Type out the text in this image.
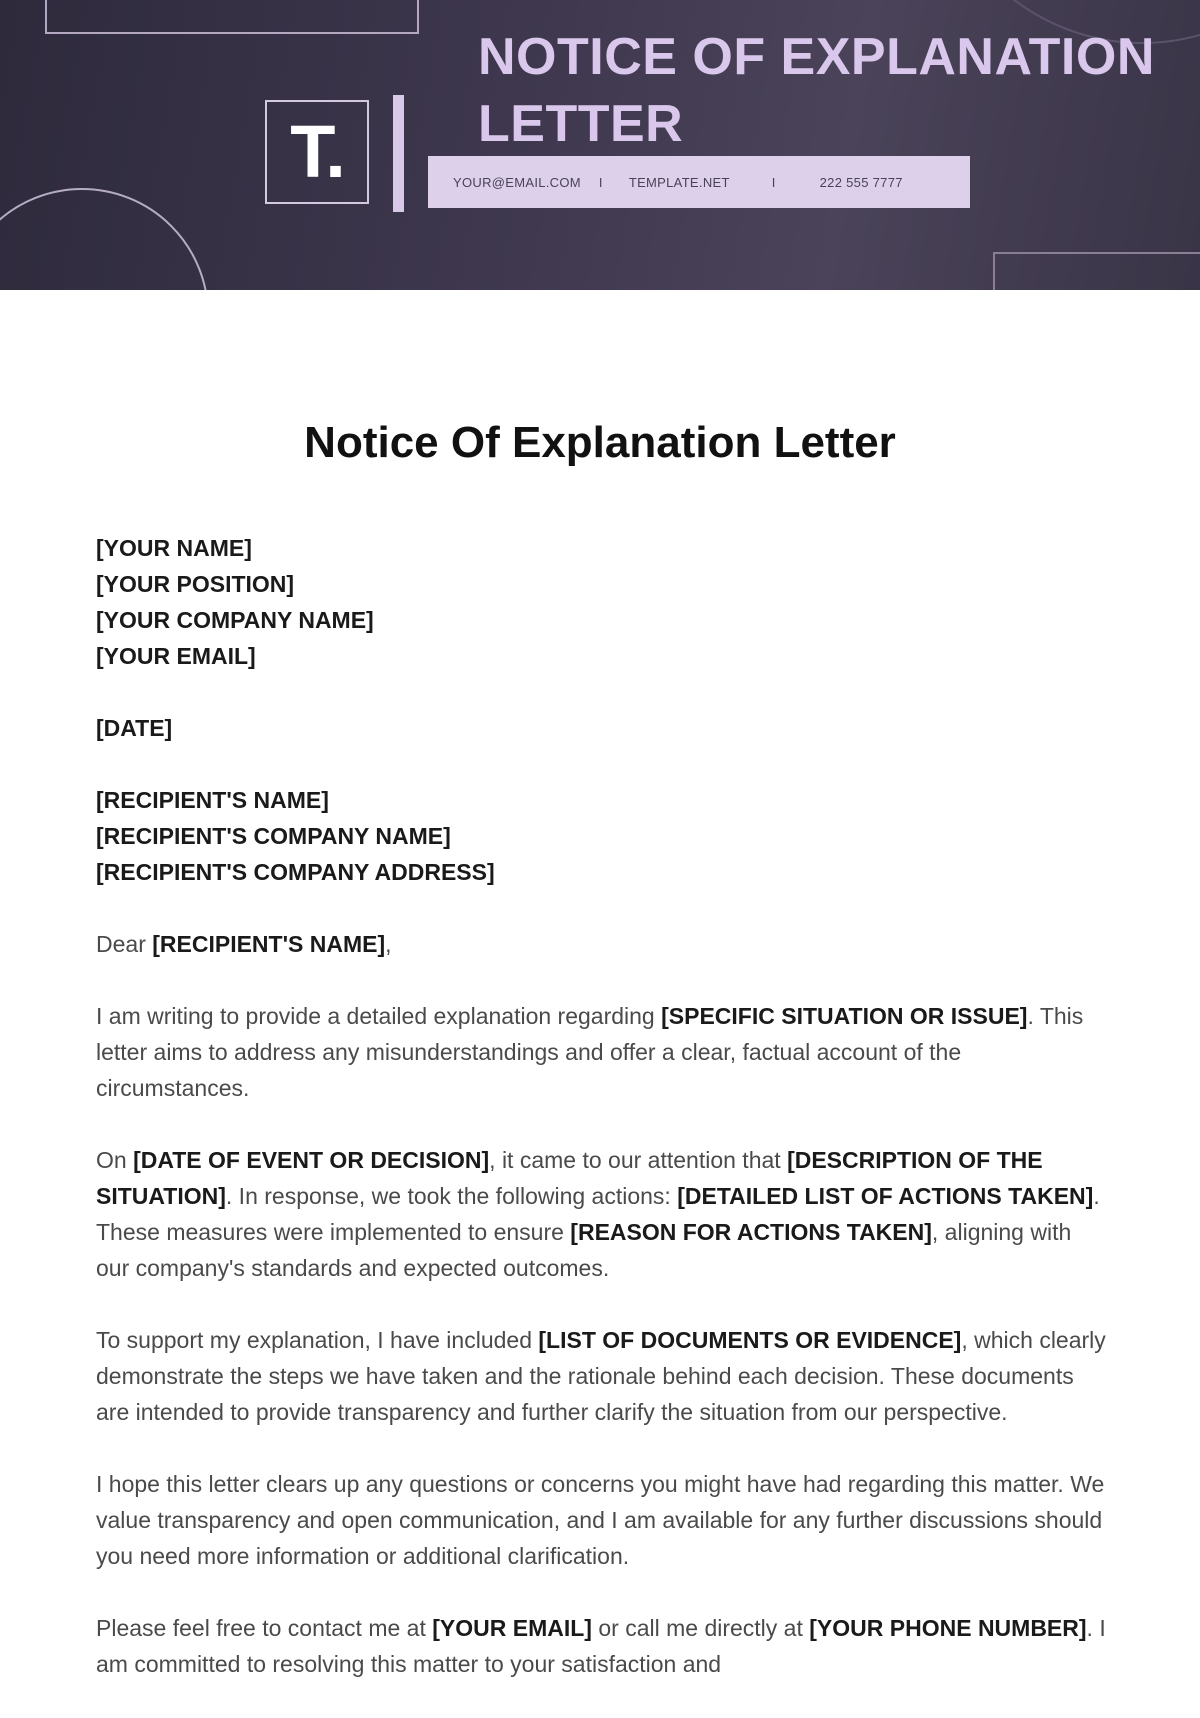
T.
NOTICE OF EXPLANATION
LETTER
YOUR@EMAIL.COM I TEMPLATE.NET	I	222 555 7777
Notice Of Explanation Letter
[YOUR NAME]
[YOUR POSITION]
[YOUR COMPANY NAME]
[YOUR EMAIL]
[DATE]
[RECIPIENT'S NAME]
[RECIPIENT'S COMPANY NAME]
[RECIPIENT'S COMPANY ADDRESS]

Dear [RECIPIENT'S NAME],

I am writing to provide a detailed explanation regarding [SPECIFIC SITUATION OR ISSUE]. This letter aims to address any misunderstandings and offer a clear, factual account of the circumstances.

On [DATE OF EVENT OR DECISION], it came to our attention that [DESCRIPTION OF THE SITUATION]. In response, we took the following actions: [DETAILED LIST OF ACTIONS TAKEN]. These measures were implemented to ensure [REASON FOR ACTIONS TAKEN], aligning with our company's standards and expected outcomes.

To support my explanation, I have included [LIST OF DOCUMENTS OR EVIDENCE], which clearly demonstrate the steps we have taken and the rationale behind each decision. These documents are intended to provide transparency and further clarify the situation from our perspective.

I hope this letter clears up any questions or concerns you might have had regarding this matter. We value transparency and open communication, and I am available for any further discussions should you need more information or additional clarification.

Please feel free to contact me at [YOUR EMAIL] or call me directly at [YOUR PHONE NUMBER]. I am committed to resolving this matter to your satisfaction and
